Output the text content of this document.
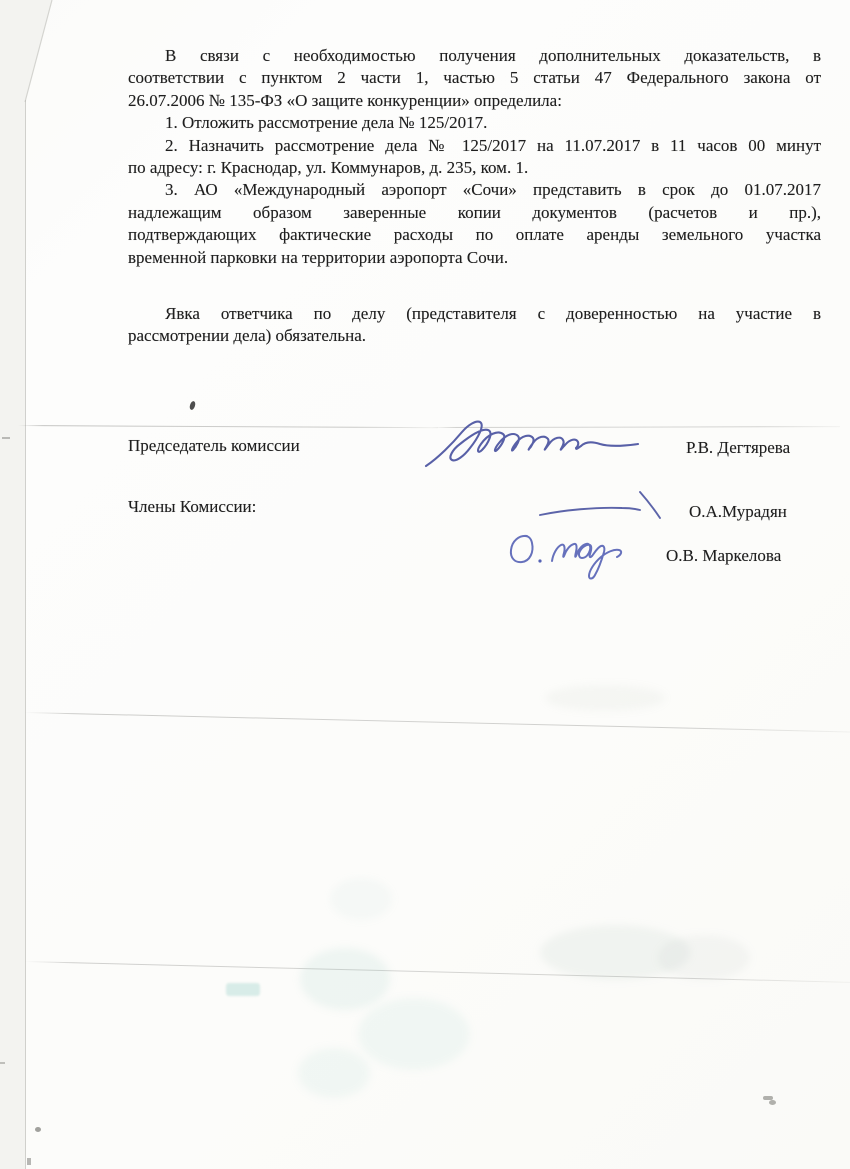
В связи с необходимостью получения дополнительных доказательств, в
соответствии с пунктом 2 части 1, частью 5 статьи 47 Федерального закона от
26.07.2006 № 135-ФЗ «О защите конкуренции» определила:
1. Отложить рассмотрение дела № 125/2017.
2. Назначить рассмотрение дела № 125/2017 на 11.07.2017 в 11 часов 00 минут
по адресу: г. Краснодар, ул. Коммунаров, д. 235, ком. 1.
3. АО «Международный аэропорт «Сочи» представить в срок до 01.07.2017
надлежащим образом заверенные копии документов (расчетов и пр.),
подтверждающих фактические расходы по оплате аренды земельного участка
временной парковки на территории аэропорта Сочи.
Явка ответчика по делу (представителя с доверенностью на участие в
рассмотрении дела) обязательна.
Председатель комиссии	Р.В. Дегтярева
Члены Комиссии:	О.А.Мурадян
О.В. Маркелова
